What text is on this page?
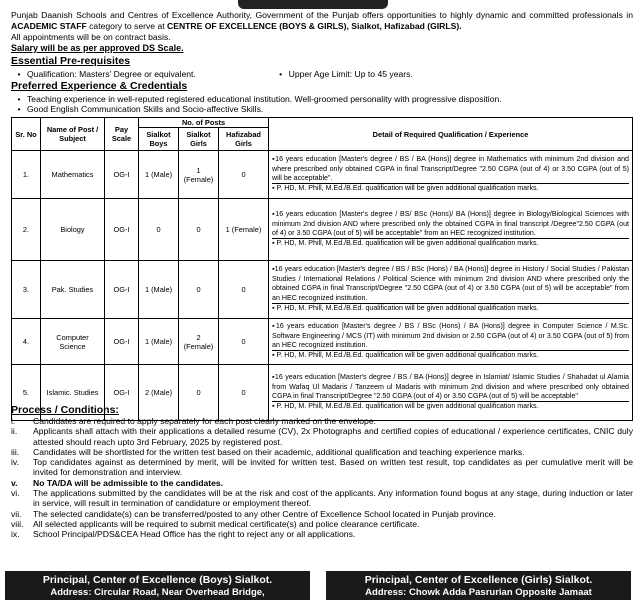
Punjab Daanish Schools and Centres of Excellence Authority, Government of the Punjab offers opportunities to highly dynamic and committed professionals in ACADEMIC STAFF category to serve at CENTRE OF EXCELLENCE (BOYS & GIRLS), Sialkot, Hafizabad (GIRLS).
All appointments will be on contract basis.
Salary will be as per approved DS Scale.
Essential Pre-requisites
• Qualification: Masters' Degree or equivalent.	• Upper Age Limit: Up to 45 years.
Preferred Experience & Credentials
• Teaching experience in well-reputed registered educational institution. Well-groomed personality with progressive disposition.
• Good English Communication Skills and Socio-affective Skills.
Sr. No	Name of Post / Subject	Pay Scale	No. of Posts			Detail of Required Qualification / Experience
			Sialkot Boys	Sialkot Girls	Hafizabad Girls	
1.	Mathematics	OG-I	1 (Male)	1 (Female)	0	▪16 years education [Master's degree / BS / BA (Hons)] degree in Mathematics with minimum 2nd division and where prescribed only obtained CGPA in final Transcript/Degree "2.50 CGPA (out of 4) or 3.50 CGPA (out of 5) will be acceptable".
▪ P. HD, M. Phill, M.Ed./B.Ed. qualification will be given additional qualification marks.

2.	Biology	OG-I	0	0	1 (Female)	▪16 years education [Master's degree / BS/ BSc (Hons)/ BA (Hons)] degree in Biology/Biological Sciences with minimum 2nd division AND where prescribed only the obtained CGPA in final transcript /Degree"2.50 CGPA (out of 4) or 3.50 CGPA (out of 5) will be acceptable" from an HEC recognized institution.
▪ P. HD, M. Phill, M.Ed./B.Ed. qualification will be given additional qualification marks.

3.	Pak. Studies	OG-I	1 (Male)	0	0	▪16 years education [Master's degree / BS / BSc (Hons) / BA (Hons)] degree in History / Social Studies / Pakistan Studies / International Relations / Political Science with minimum 2nd division AND where prescribed only the obtained CGPA in final Transcript/Degree "2.50 CGPA (out of 4) or 3.50 CGPA (out of 5) will be acceptable" from an HEC recognized institution.
▪ P. HD, M. Phill, M.Ed./B.Ed. qualification will be given additional qualification marks.

4.	Computer Science	OG-I	1 (Male)	2 (Female)	0	▪16 years education [Master's degree / BS / BSc (Hons) / BA (Hons)] degree in Computer Science / M.Sc. Software Engineering / MCS (IT) with minimum 2nd division or 2.50 CGPA (out of 4) or 3.50 CGPA (out of 5) from an HEC recognized institution.
▪ P. HD, M. Phill, M.Ed./B.Ed. qualification will be given additional qualification marks.

5.	Islamic. Studies	OG-I	2 (Male)	0	0	▪16 years education [Master's degree / BS / BA (Hons)] degree in Islamiat/ Islamic Studies / Shahadat ul Alamia from Wafaq Ul Madaris / Tanzeem ul Madaris with minimum 2nd division and where prescribed only obtained CGPA in final Transcript/Degree "2.50 CGPA (out of 4) or 3.50 CGPA (out of 5) will be acceptable"
▪ P. HD, M. Phill, M.Ed./B.Ed. qualification will be given additional qualification marks.
Process / Conditions:
i.	Candidates are required to apply separately for each post clearly marked on the envelope.
ii.	Applicants shall attach with their applications a detailed resume (CV), 2x Photographs and certified copies of educational / experience certificates, CNIC duly attested should reach upto 3rd February, 2025 by registered post.
iii.	Candidates will be shortlisted for the written test based on their academic, additional qualification and teaching experience marks.
iv.	Top candidates against as determined by merit, will be invited for written test. Based on written test result, top candidates as per cumulative merit will be invited for demonstration and interview.
v.	No TA/DA will be admissible to the candidates.
vi.	The applications submitted by the candidates will be at the risk and cost of the applicants. Any information found bogus at any stage, during induction or later in service, will result in termination of candidature or employment thereof.
vii.	The selected candidate(s) can be transferred/posted to any other Centre of Excellence School located in Punjab province.
viii.	All selected applicants will be required to submit medical certificate(s) and police clearance certificate.
ix.	School Principal/PDS&CEA Head Office has the right to reject any or all applications.
Principal, Center of Excellence (Boys) Sialkot.
Address: Circular Road, Near Overhead Bridge,
Principal, Center of Excellence (Girls) Sialkot.
Address: Chowk Adda Pasrurian Opposite Jamaat
